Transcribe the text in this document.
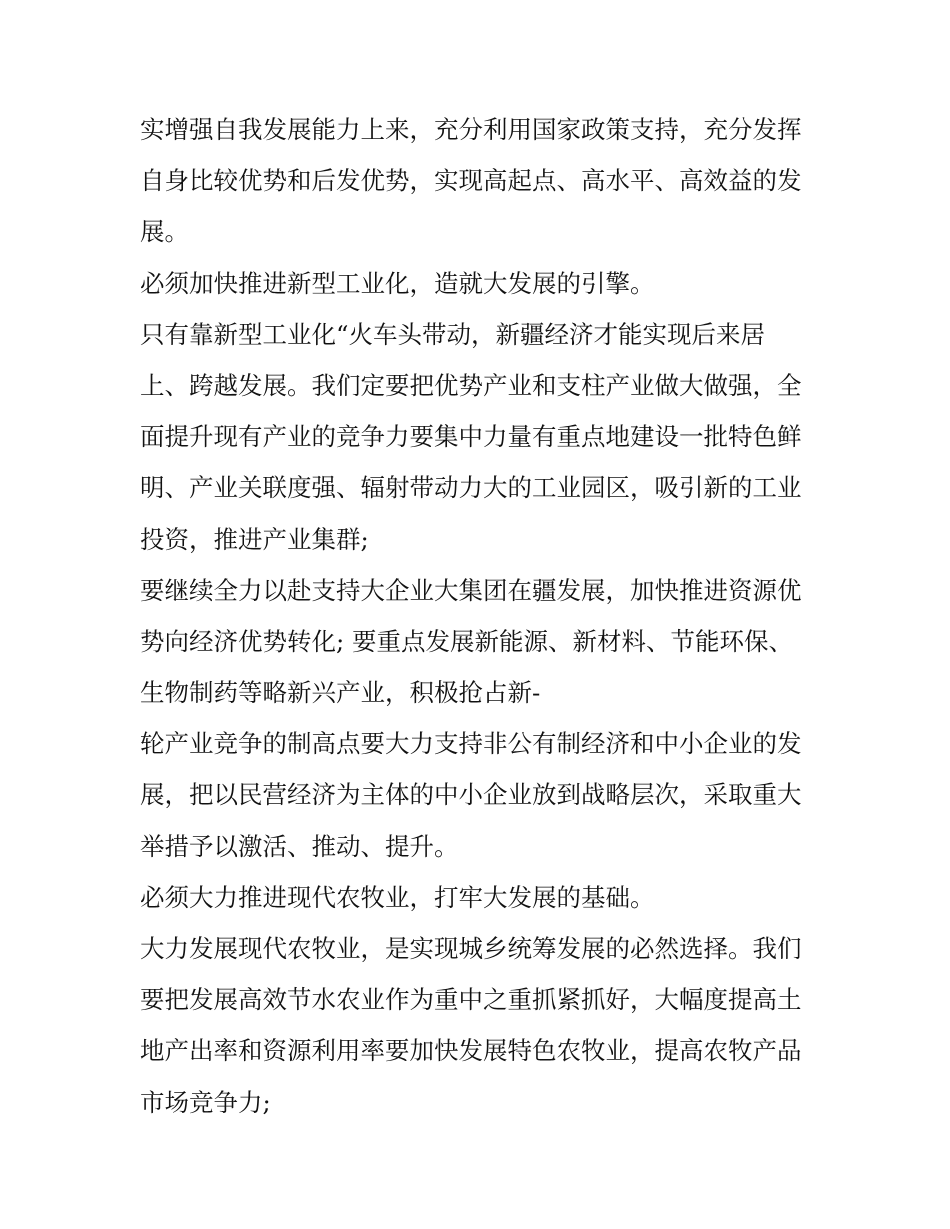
实增强自我发展能力上来，充分利用国家政策支持，充分发挥
自身比较优势和后发优势，实现高起点、高水平、高效益的发
展。
必须加快推进新型工业化，造就大发展的引擎。
只有靠新型工业化“火车头带动，新疆经济才能实现后来居
上、跨越发展。我们定要把优势产业和支柱产业做大做强，全
面提升现有产业的竞争力要集中力量有重点地建设一批特色鲜
明、产业关联度强、辐射带动力大的工业园区，吸引新的工业
投资，推进产业集群;
要继续全力以赴支持大企业大集团在疆发展，加快推进资源优
势向经济优势转化; 要重点发展新能源、新材料、节能环保、
生物制药等略新兴产业，积极抢占新-
轮产业竞争的制高点要大力支持非公有制经济和中小企业的发
展，把以民营经济为主体的中小企业放到战略层次，采取重大
举措予以激活、推动、提升。
必须大力推进现代农牧业，打牢大发展的基础。
大力发展现代农牧业，是实现城乡统筹发展的必然选择。我们
要把发展高效节水农业作为重中之重抓紧抓好，大幅度提高土
地产出率和资源利用率要加快发展特色农牧业，提高农牧产品
市场竞争力;
